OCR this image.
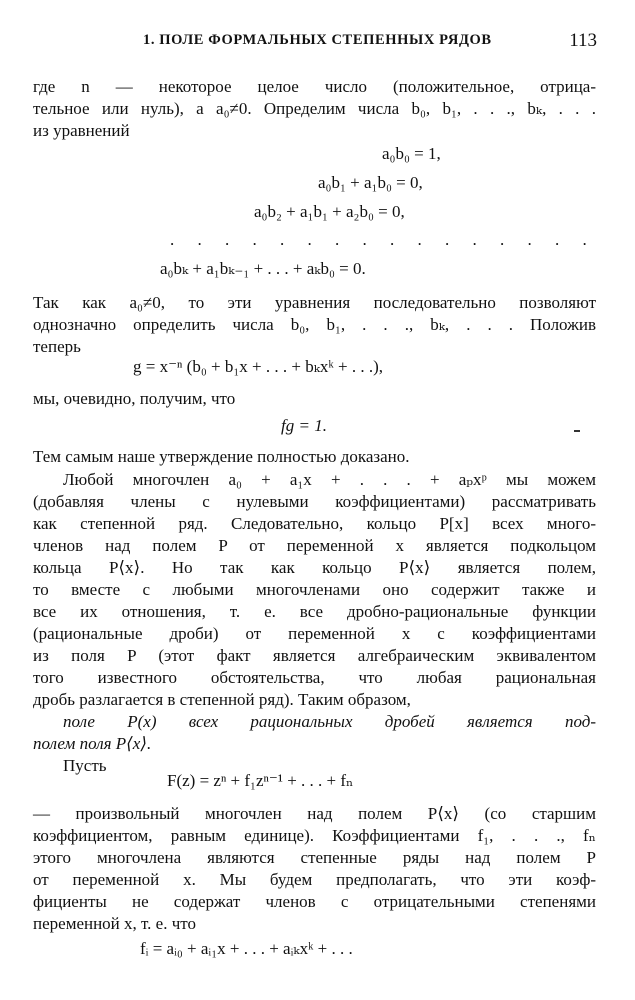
1. ПОЛЕ ФОРМАЛЬНЫХ СТЕПЕННЫХ РЯДОВ	113
где n — некоторое целое число (положительное, отрица-
тельное или нуль), а a₀≠0. Определим числа b₀, b₁, . . ., bₖ, . . .
из уравнений
a₀b₀ = 1,
a₀b₁ + a₁b₀ = 0,
a₀b₂ + a₁b₁ + a₂b₀ = 0,
. . . . . . . . . . . . . . . .
a₀bₖ + a₁bₖ₋₁ + . . . + aₖb₀ = 0.
Так как a₀≠0, то эти уравнения последовательно позволяют
однозначно определить числа b₀, b₁, . . ., bₖ, . . . Положив
теперь
g = x⁻ⁿ (b₀ + b₁x + . . . + bₖxᵏ + . . .),
мы, очевидно, получим, что
fg = 1.
Тем самым наше утверждение полностью доказано.
Любой многочлен a₀ + a₁x + . . . + aₚxᵖ мы можем
(добавляя члены с нулевыми коэффициентами) рассматривать
как степенной ряд. Следовательно, кольцо P[x] всех много-
членов над полем P от переменной x является подкольцом
кольца P⟨x⟩. Но так как кольцо P⟨x⟩ является полем,
то вместе с любыми многочленами оно содержит также и
все их отношения, т. е. все дробно-рациональные функции
(рациональные дроби) от переменной x с коэффициентами
из поля P (этот факт является алгебраическим эквивалентом
того известного обстоятельства, что любая рациональная
дробь разлагается в степенной ряд). Таким образом,
поле P(x) всех рациональных дробей является под-
полем поля P⟨x⟩.
Пусть
F(z) = zⁿ + f₁zⁿ⁻¹ + . . . + fₙ
— произвольный многочлен над полем P⟨x⟩ (со старшим
коэффициентом, равным единице). Коэффициентами f₁, . . ., fₙ
этого многочлена являются степенные ряды над полем P
от переменной x. Мы будем предполагать, что эти коэф-
фициенты не содержат членов с отрицательными степенями
переменной x, т. е. что
fᵢ = aᵢ₀ + aᵢ₁x + . . . + aᵢₖxᵏ + . . .
